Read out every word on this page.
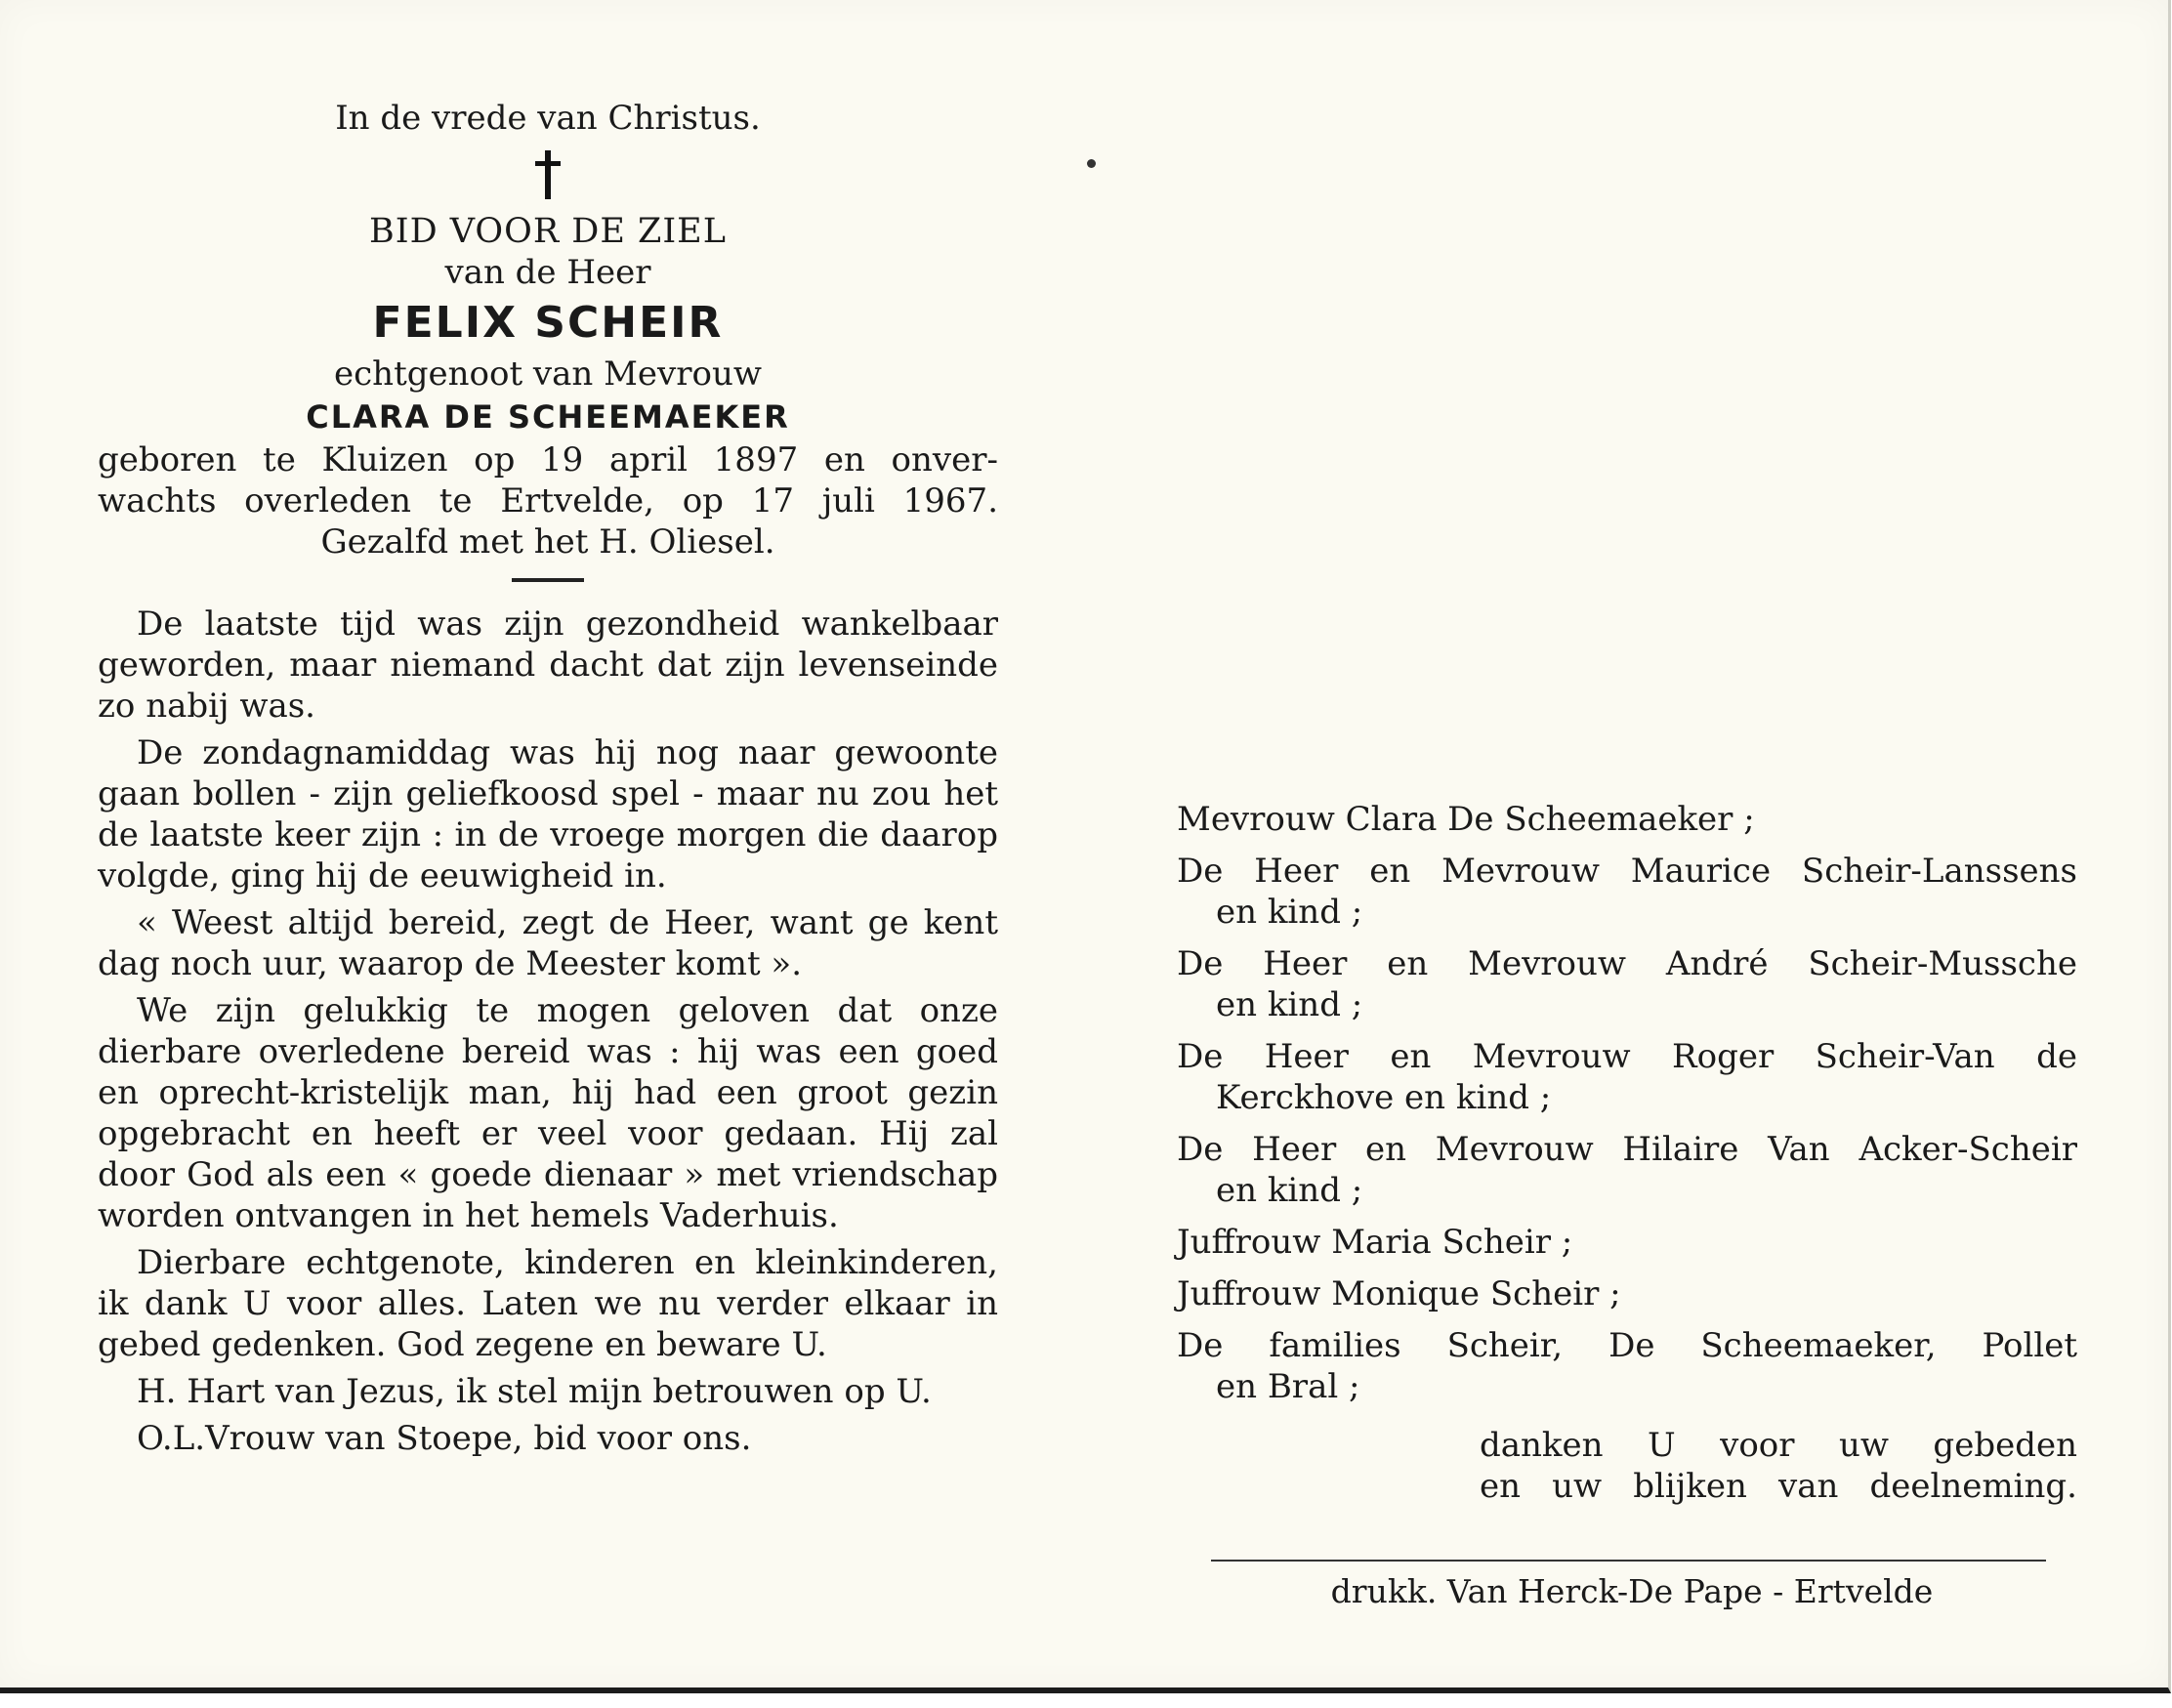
In de vrede van Christus.
BID VOOR DE ZIEL
van de Heer
FELIX SCHEIR
echtgenoot van Mevrouw
CLARA DE SCHEEMAEKER
geboren te Kluizen op 19 april 1897 en onver-
wachts overleden te Ertvelde, op 17 juli 1967.
Gezalfd met het H. Oliesel.

De laatste tijd was zijn gezondheid wankelbaar geworden, maar niemand dacht dat zijn levenseinde zo nabij was.

De zondagnamiddag was hij nog naar gewoonte gaan bollen - zijn geliefkoosd spel - maar nu zou het de laatste keer zijn : in de vroege morgen die daarop volgde, ging hij de eeuwigheid in.

« Weest altijd bereid, zegt de Heer, want ge kent dag noch uur, waarop de Meester komt ».

We zijn gelukkig te mogen geloven dat onze dierbare overledene bereid was : hij was een goed en oprecht-kristelijk man, hij had een groot gezin opgebracht en heeft er veel voor gedaan. Hij zal door God als een « goede dienaar » met vriendschap worden ontvangen in het hemels Vaderhuis.

Dierbare echtgenote, kinderen en kleinkinderen, ik dank U voor alles. Laten we nu verder elkaar in gebed gedenken. God zegene en beware U.

H. Hart van Jezus, ik stel mijn betrouwen op U.

O.L.Vrouw van Stoepe, bid voor ons.

Mevrouw Clara De Scheemaeker ;
De Heer en Mevrouw Maurice Scheir-Lanssens
en kind ;
De Heer en Mevrouw André Scheir-Mussche
en kind ;
De Heer en Mevrouw Roger Scheir-Van de
Kerckhove en kind ;
De Heer en Mevrouw Hilaire Van Acker-Scheir
en kind ;
Juffrouw Maria Scheir ;
Juffrouw Monique Scheir ;
De families Scheir, De Scheemaeker, Pollet
en Bral ;
danken U voor uw gebeden
en uw blijken van deelneming.
drukk. Van Herck-De Pape - Ertvelde
